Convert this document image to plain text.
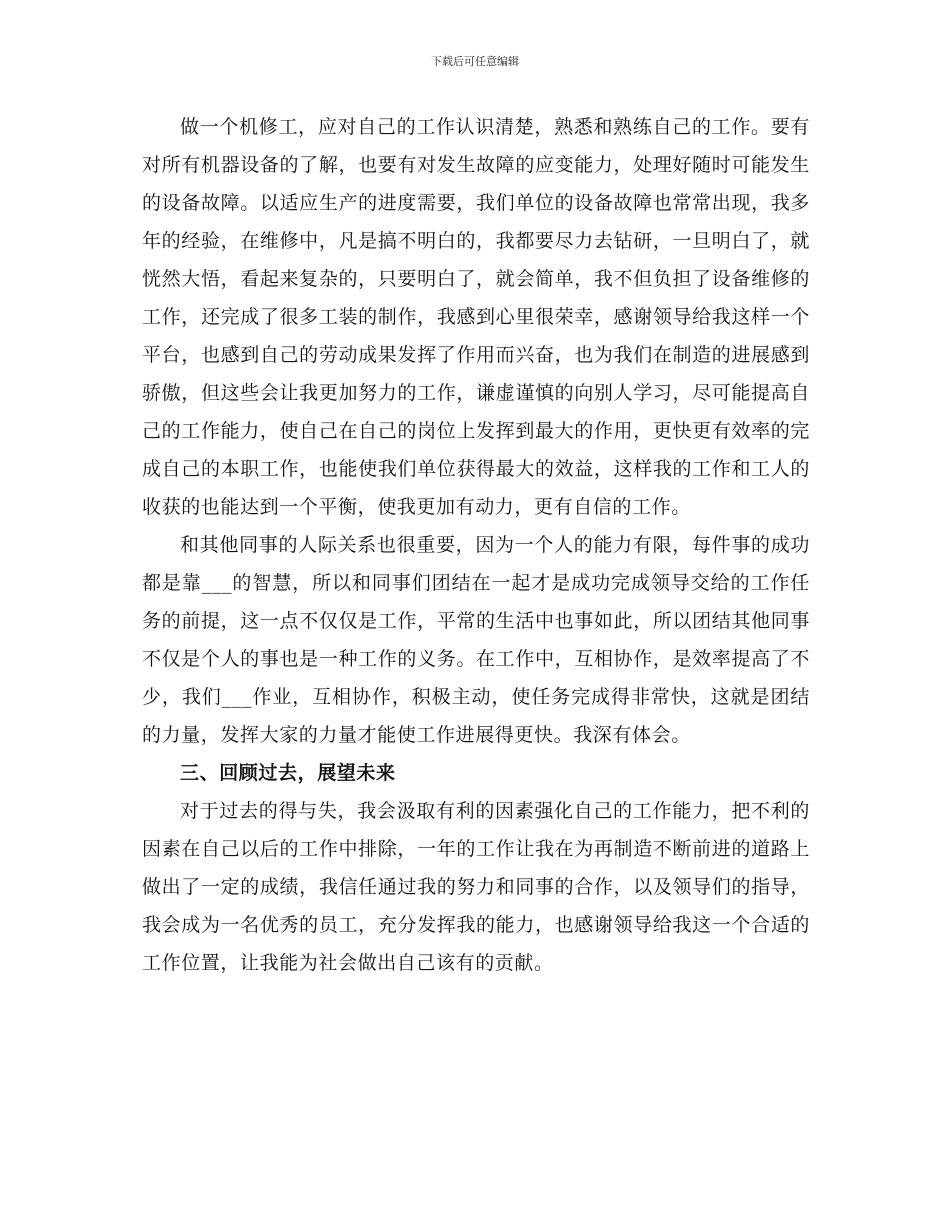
下载后可任意编辑

做一个机修工，应对自己的工作认识清楚，熟悉和熟练自己的工作。要有对所有机器设备的了解，也要有对发生故障的应变能力，处理好随时可能发生的设备故障。以适应生产的进度需要，我们单位的设备故障也常常出现，我多年的经验，在维修中，凡是搞不明白的，我都要尽力去钻研，一旦明白了，就恍然大悟，看起来复杂的，只要明白了，就会简单，我不但负担了设备维修的工作，还完成了很多工装的制作，我感到心里很荣幸，感谢领导给我这样一个平台，也感到自己的劳动成果发挥了作用而兴奋，也为我们在制造的进展感到骄傲，但这些会让我更加努力的工作，谦虚谨慎的向别人学习，尽可能提高自己的工作能力，使自己在自己的岗位上发挥到最大的作用，更快更有效率的完成自己的本职工作，也能使我们单位获得最大的效益，这样我的工作和工人的收获的也能达到一个平衡，使我更加有动力，更有自信的工作。

和其他同事的人际关系也很重要，因为一个人的能力有限，每件事的成功都是靠___的智慧，所以和同事们团结在一起才是成功完成领导交给的工作任务的前提，这一点不仅仅是工作，平常的生活中也事如此，所以团结其他同事不仅是个人的事也是一种工作的义务。在工作中，互相协作，是效率提高了不少，我们___作业，互相协作，积极主动，使任务完成得非常快，这就是团结的力量，发挥大家的力量才能使工作进展得更快。我深有体会。

三、回顾过去，展望未来

对于过去的得与失，我会汲取有利的因素强化自己的工作能力，把不利的因素在自己以后的工作中排除，一年的工作让我在为再制造不断前进的道路上做出了一定的成绩，我信任通过我的努力和同事的合作，以及领导们的指导，我会成为一名优秀的员工，充分发挥我的能力，也感谢领导给我这一个合适的工作位置，让我能为社会做出自己该有的贡献。
